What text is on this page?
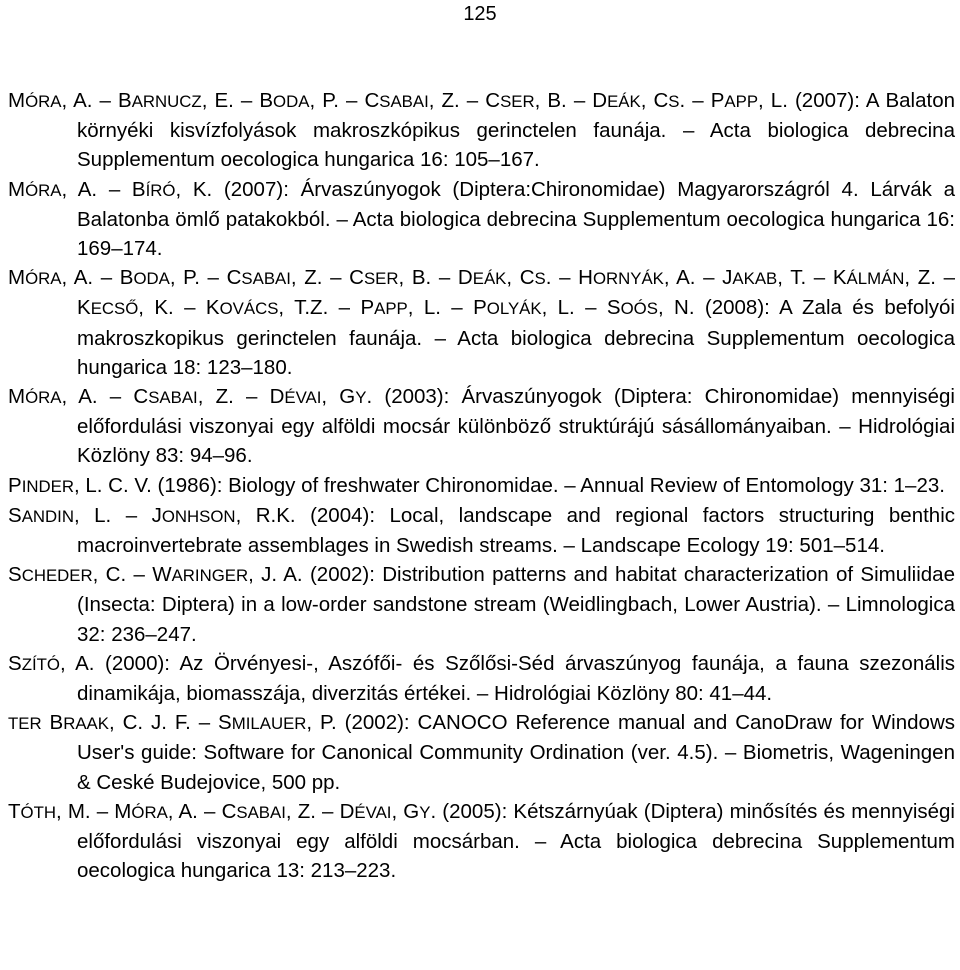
125

MÓRA, A. – BARNUCZ, E. – BODA, P. – CSABAI, Z. – CSER, B. – DEÁK, CS. – PAPP, L. (2007): A Balaton környéki kisvízfolyások makroszkópikus gerinctelen faunája. – Acta biologica debrecina Supplementum oecologica hungarica 16: 105–167.

MÓRA, A. – BÍRÓ, K. (2007): Árvaszúnyogok (Diptera:Chironomidae) Magyarországról 4. Lárvák a Balatonba ömlő patakokból. – Acta biologica debrecina Supplementum oecologica hungarica 16: 169–174.

MÓRA, A. – BODA, P. – CSABAI, Z. – CSER, B. – DEÁK, CS. – HORNYÁK, A. – JAKAB, T. – KÁLMÁN, Z. – KECSŐ, K. – KOVÁCS, T.Z. – PAPP, L. – POLYÁK, L. – SOÓS, N. (2008): A Zala és befolyói makroszkopikus gerinctelen faunája. – Acta biologica debrecina Supplementum oecologica hungarica 18: 123–180.

MÓRA, A. – CSABAI, Z. – DÉVAI, GY. (2003): Árvaszúnyogok (Diptera: Chironomidae) mennyiségi előfordulási viszonyai egy alföldi mocsár különböző struktúrájú sásállományaiban. – Hidrológiai Közlöny 83: 94–96.

PINDER, L. C. V. (1986): Biology of freshwater Chironomidae. – Annual Review of Entomology 31: 1–23.

SANDIN, L. – JONHSON, R.K. (2004): Local, landscape and regional factors structuring benthic macroinvertebrate assemblages in Swedish streams. – Landscape Ecology 19: 501–514.

SCHEDER, C. – WARINGER, J. A. (2002): Distribution patterns and habitat characterization of Simuliidae (Insecta: Diptera) in a low-order sandstone stream (Weidlingbach, Lower Austria). – Limnologica 32: 236–247.

SZÍTÓ, A. (2000): Az Örvényesi-, Aszófői- és Szőlősi-Séd árvaszúnyog faunája, a fauna szezonális dinamikája, biomasszája, diverzitás értékei. – Hidrológiai Közlöny 80: 41–44.

TER BRAAK, C. J. F. – SMILAUER, P. (2002): CANOCO Reference manual and CanoDraw for Windows User's guide: Software for Canonical Community Ordination (ver. 4.5). – Biometris, Wageningen & Ceské Budejovice, 500 pp.

TÓTH, M. – MÓRA, A. – CSABAI, Z. – DÉVAI, GY. (2005): Kétszárnyúak (Diptera) minősítés és mennyiségi előfordulási viszonyai egy alföldi mocsárban. – Acta biologica debrecina Supplementum oecologica hungarica 13: 213–223.
